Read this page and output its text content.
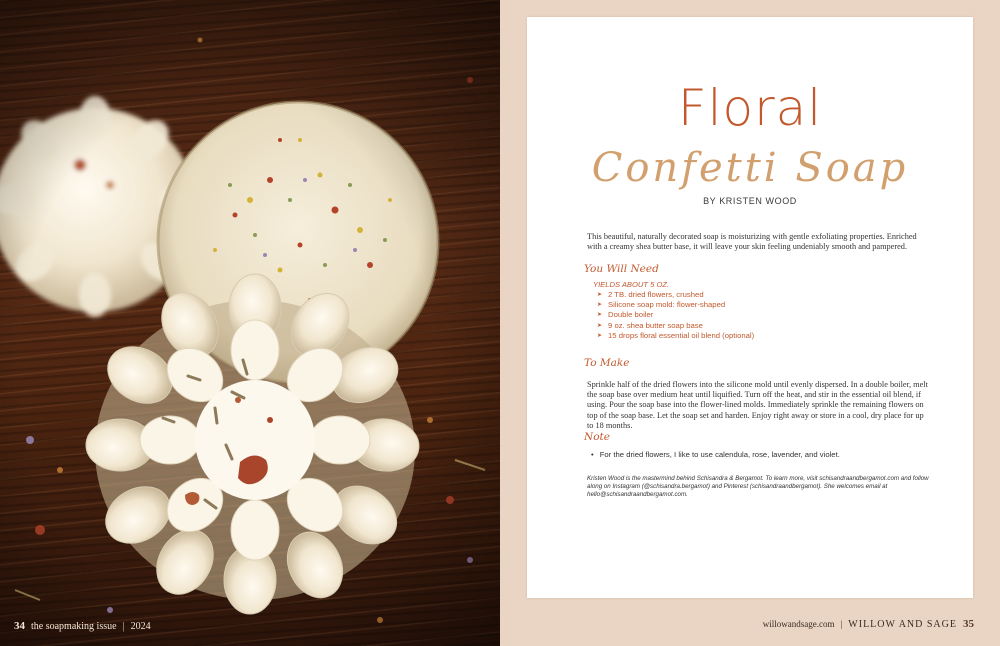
34 the soapmaking issue | 2024
Floral
Confetti Soap
BY KRISTEN WOOD

This beautiful, naturally decorated soap is moisturizing with gentle exfoliating properties. Enriched with a creamy shea butter base, it will leave your skin feeling undeniably smooth and pampered.

You Will Need
YIELDS ABOUT 5 OZ.
➤ 2 TB. dried flowers, crushed
➤ Silicone soap mold: flower-shaped
➤ Double boiler
➤ 9 oz. shea butter soap base
➤ 15 drops floral essential oil blend (optional)
To Make

Sprinkle half of the dried flowers into the silicone mold until evenly dispersed. In a double boiler, melt the soap base over medium heat until liquified. Turn off the heat, and stir in the essential oil blend, if using. Pour the soap base into the flower-lined molds. Immediately sprinkle the remaining flowers on top of the soap base. Let the soap set and harden. Enjoy right away or store in a cool, dry place for up to 18 months.

Note
• For the dried flowers, I like to use calendula, rose, lavender, and violet.

Kristen Wood is the mastermind behind Schisandra & Bergamot. To learn more, visit schisandraandbergamot.com and follow along on Instagram (@schisandra.bergamot) and Pinterest (schisandraandbergamot). She welcomes email at hello@schisandraandbergamot.com.

willowandsage.com | WILLOW AND SAGE 35
